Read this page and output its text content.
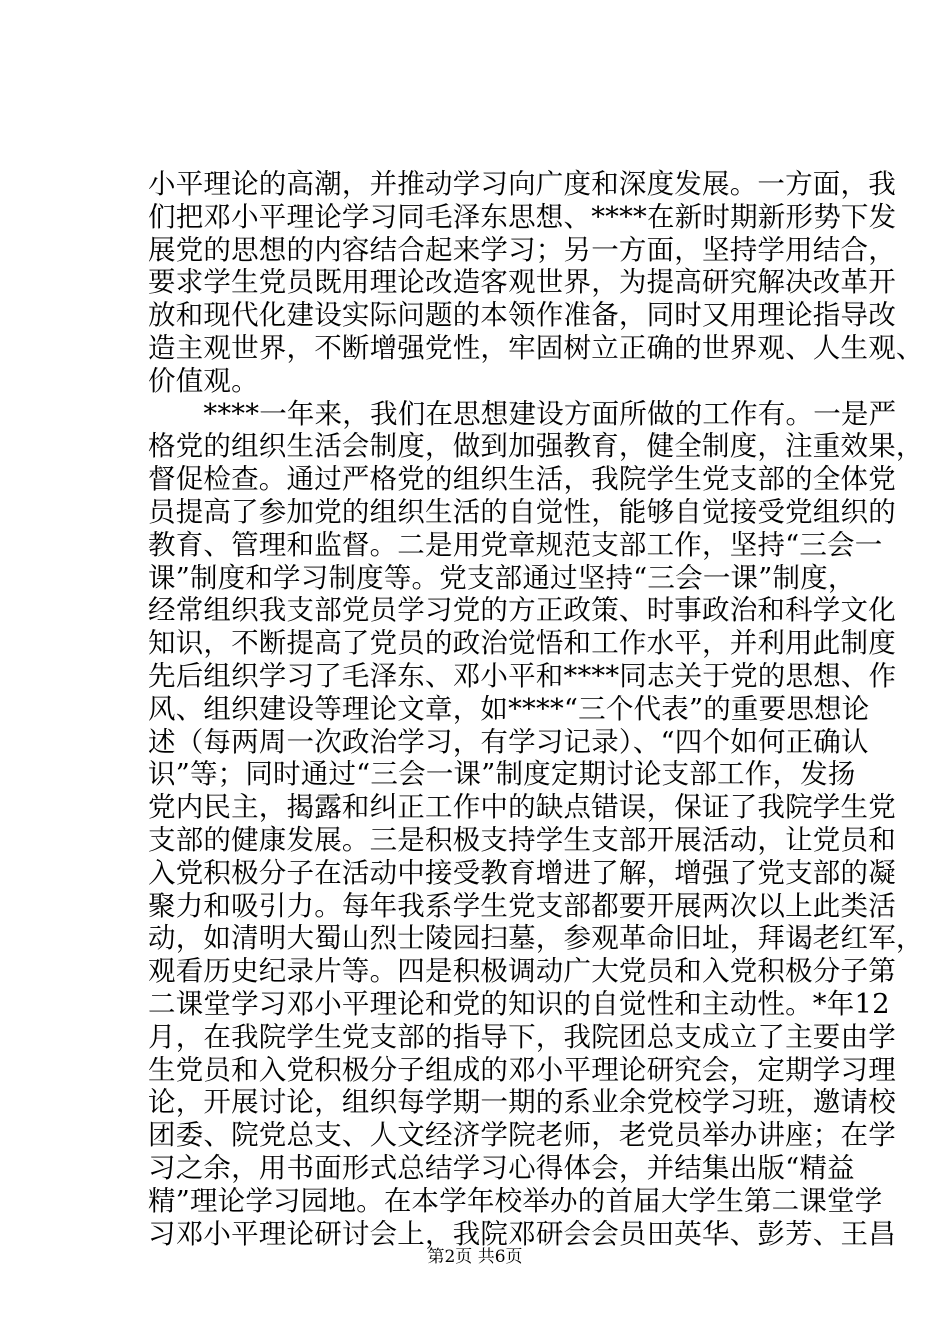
小平理论的高潮，并推动学习向广度和深度发展。一方面，我
们把邓小平理论学习同毛泽东思想、****在新时期新形势下发
展党的思想的内容结合起来学习；另一方面，坚持学用结合，
要求学生党员既用理论改造客观世界，为提高研究解决改革开
放和现代化建设实际问题的本领作准备，同时又用理论指导改
造主观世界，不断增强党性，牢固树立正确的世界观、人生观、
价值观。
　　****一年来，我们在思想建设方面所做的工作有。一是严
格党的组织生活会制度，做到加强教育，健全制度，注重效果，
督促检查。通过严格党的组织生活，我院学生党支部的全体党
员提高了参加党的组织生活的自觉性，能够自觉接受党组织的
教育、管理和监督。二是用党章规范支部工作，坚持“三会一
课”制度和学习制度等。党支部通过坚持“三会一课”制度，
经常组织我支部党员学习党的方正政策、时事政治和科学文化
知识，不断提高了党员的政治觉悟和工作水平，并利用此制度
先后组织学习了毛泽东、邓小平和****同志关于党的思想、作
风、组织建设等理论文章，如****“三个代表”的重要思想论
述（每两周一次政治学习，有学习记录）、“四个如何正确认
识”等；同时通过“三会一课”制度定期讨论支部工作，发扬
党内民主，揭露和纠正工作中的缺点错误，保证了我院学生党
支部的健康发展。三是积极支持学生支部开展活动，让党员和
入党积极分子在活动中接受教育增进了解，增强了党支部的凝
聚力和吸引力。每年我系学生党支部都要开展两次以上此类活
动，如清明大蜀山烈士陵园扫墓，参观革命旧址，拜谒老红军，
观看历史纪录片等。四是积极调动广大党员和入党积极分子第
二课堂学习邓小平理论和党的知识的自觉性和主动性。*年12
月，在我院学生党支部的指导下，我院团总支成立了主要由学
生党员和入党积极分子组成的邓小平理论研究会，定期学习理
论，开展讨论，组织每学期一期的系业余党校学习班，邀请校
团委、院党总支、人文经济学院老师，老党员举办讲座；在学
习之余，用书面形式总结学习心得体会，并结集出版“精益
精”理论学习园地。在本学年校举办的首届大学生第二课堂学
习邓小平理论研讨会上，我院邓研会会员田英华、彭芳、王昌
第2页 共6页
